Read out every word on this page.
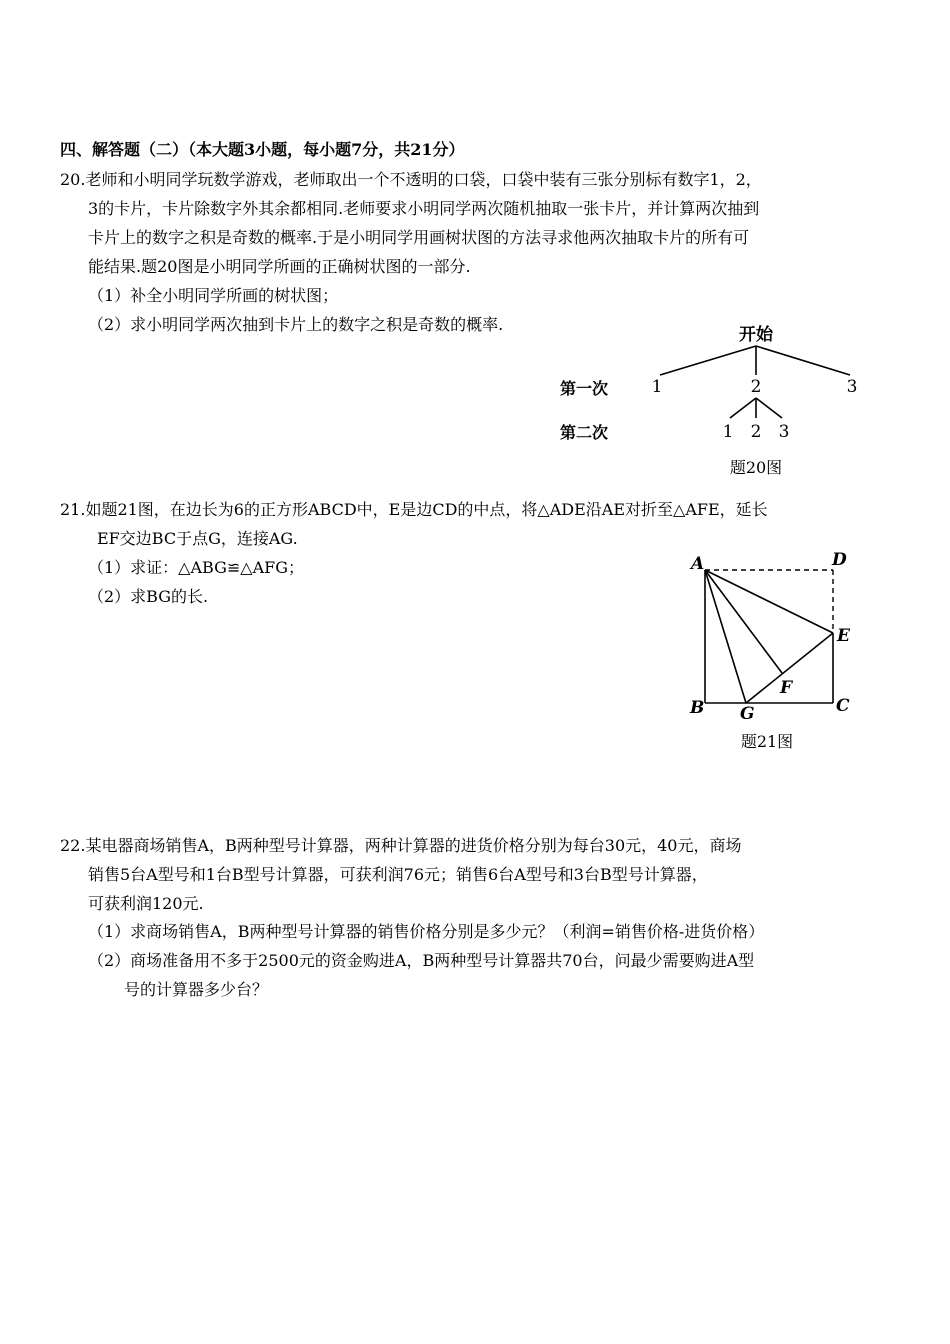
四、解答题（二）（本大题3小题，每小题7分，共21分）
20.老师和小明同学玩数学游戏，老师取出一个不透明的口袋，口袋中装有三张分别标有数字1，2，
3的卡片，卡片除数字外其余都相同.老师要求小明同学两次随机抽取一张卡片，并计算两次抽到
卡片上的数字之积是奇数的概率.于是小明同学用画树状图的方法寻求他两次抽取卡片的所有可
能结果.题20图是小明同学所画的正确树状图的一部分.
（1）补全小明同学所画的树状图；
（2）求小明同学两次抽到卡片上的数字之积是奇数的概率.
开始
第一次
第二次
1	2	3
1 2 3
题20图
21.如题21图，在边长为6的正方形ABCD中，E是边CD的中点，将△ADE沿AE对折至△AFE，延长
EF交边BC于点G，连接AG.
（1）求证：△ABG≌△AFG；
（2）求BG的长.
A	D
E
F
B G	C
题21图
22.某电器商场销售A，B两种型号计算器，两种计算器的进货价格分别为每台30元，40元，商场
销售5台A型号和1台B型号计算器，可获利润76元；销售6台A型号和3台B型号计算器，
可获利润120元.
（1）求商场销售A，B两种型号计算器的销售价格分别是多少元？（利润=销售价格-进货价格）
（2）商场准备用不多于2500元的资金购进A，B两种型号计算器共70台，问最少需要购进A型
号的计算器多少台？
